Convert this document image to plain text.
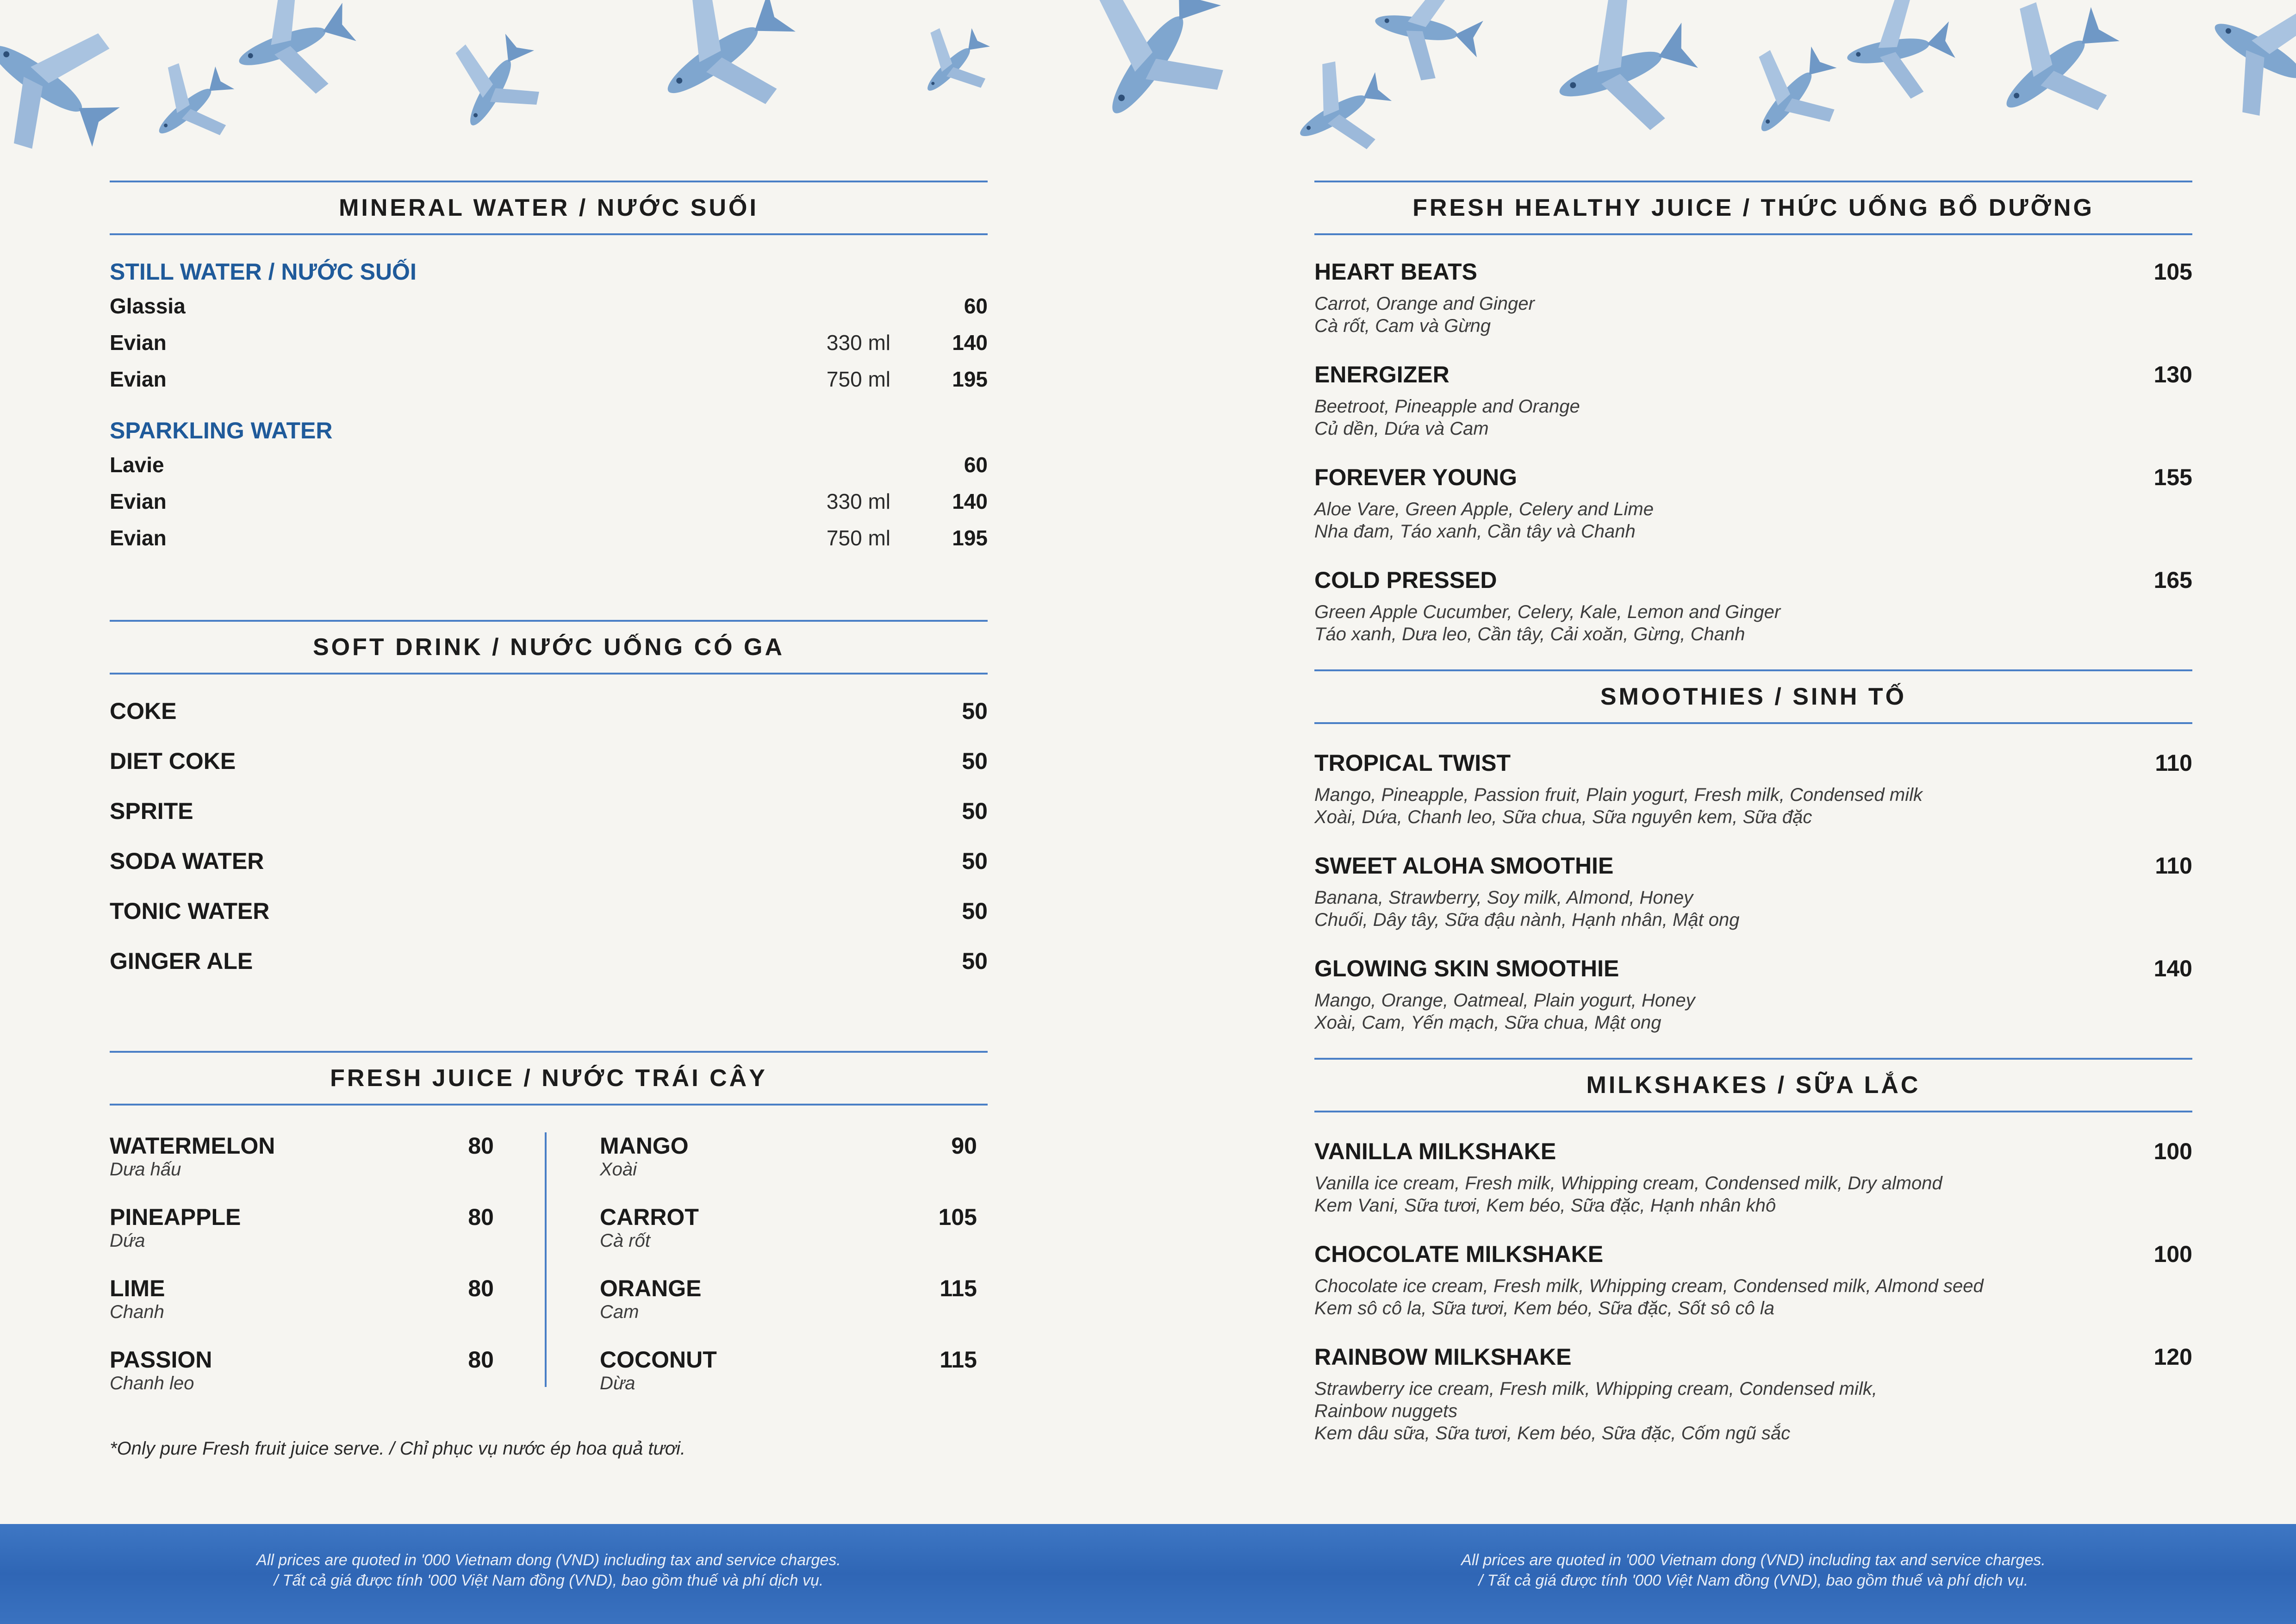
MINERAL WATER / NƯỚC SUỐI
STILL WATER / NƯỚC SUỐI
Glassia	60
Evian	330 ml	140
Evian	750 ml	195
SPARKLING WATER
Lavie	60
Evian	330 ml	140
Evian	750 ml	195
SOFT DRINK / NƯỚC UỐNG CÓ GA
COKE	50
DIET COKE	50
SPRITE	50
SODA WATER	50
TONIC WATER	50
GINGER ALE	50
FRESH JUICE / NƯỚC TRÁI CÂY
WATERMELON	80
Dưa hấu
PINEAPPLE	80
Dứa
LIME	80
Chanh
PASSION	80
Chanh leo
MANGO	90
Xoài
CARROT	105
Cà rốt
ORANGE	115
Cam
COCONUT	115
Dừa
*Only pure Fresh fruit juice serve. / Chỉ phục vụ nước ép hoa quả tươi.
FRESH HEALTHY JUICE / THỨC UỐNG BỔ DƯỠNG
HEART BEATS	105
Carrot, Orange and Ginger
Cà rốt, Cam và Gừng
ENERGIZER	130
Beetroot, Pineapple and Orange
Củ dền, Dứa và Cam
FOREVER YOUNG	155
Aloe Vare, Green Apple, Celery and Lime
Nha đam, Táo xanh, Cần tây và Chanh
COLD PRESSED	165
Green Apple Cucumber, Celery, Kale, Lemon and Ginger
Táo xanh, Dưa leo, Cần tây, Cải xoăn, Gừng, Chanh
SMOOTHIES / SINH TỐ
TROPICAL TWIST	110
Mango, Pineapple, Passion fruit, Plain yogurt, Fresh milk, Condensed milk
Xoài, Dứa, Chanh leo, Sữa chua, Sữa nguyên kem, Sữa đặc
SWEET ALOHA SMOOTHIE	110
Banana, Strawberry, Soy milk, Almond, Honey
Chuối, Dây tây, Sữa đậu nành, Hạnh nhân, Mật ong
GLOWING SKIN SMOOTHIE	140
Mango, Orange, Oatmeal, Plain yogurt, Honey
Xoài, Cam, Yến mạch, Sữa chua, Mật ong
MILKSHAKES / SỮA LẮC
VANILLA MILKSHAKE	100
Vanilla ice cream, Fresh milk, Whipping cream, Condensed milk, Dry almond
Kem Vani, Sữa tươi, Kem béo, Sữa đặc, Hạnh nhân khô
CHOCOLATE MILKSHAKE	100
Chocolate ice cream, Fresh milk, Whipping cream, Condensed milk, Almond seed
Kem sô cô la, Sữa tươi, Kem béo, Sữa đặc, Sốt sô cô la
RAINBOW MILKSHAKE	120
Strawberry ice cream, Fresh milk, Whipping cream, Condensed milk,
Rainbow nuggets
Kem dâu sữa, Sữa tươi, Kem béo, Sữa đặc, Cốm ngũ sắc
All prices are quoted in '000 Vietnam dong (VND) including tax and service charges.
/ Tất cả giá được tính '000 Việt Nam đồng (VND), bao gồm thuế và phí dịch vụ.
All prices are quoted in '000 Vietnam dong (VND) including tax and service charges.
/ Tất cả giá được tính '000 Việt Nam đồng (VND), bao gồm thuế và phí dịch vụ.
